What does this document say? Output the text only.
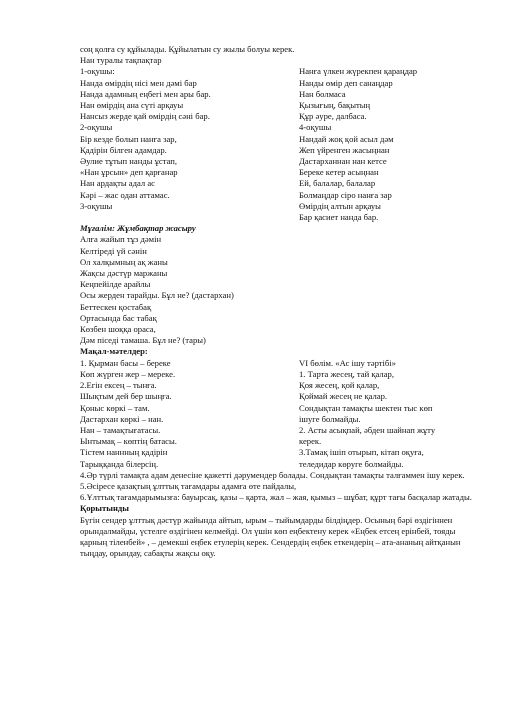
соң қолға су құйылады. Құйылатын су жылы болуы керек.
Нан туралы тақпақтар
1-оқушы:
Нанда өмірдің нісі мен дәмі бар
Нанда адамның еңбегі мен ары бар.
Нан өмірдің ана сүті арқауы
Нансыз жерде қай өмірдің сәні бар.
2-оқушы
Бір кезде болып нанға зар,
Қадірін білген адамдар.
Әулие тұтып нанды ұстап,
«Нан ұрсын» деп қарғанар
Нан ардақты адал ас
Кәрі – жас одан аттамас.
3-оқушы
Нанға үлкен жүрекпен қараңдар
Нанды өмір деп санаңдар
Нан болмаса
Қызығың, бақытың
Құр әуре, далбаса.
4-оқушы
Нандай жоқ қой асыл дәм
Жеп үйренген жасыңнан
Дастарханнан нан кетсе
Береке кетер асыңнан
Ей, балалар, балалар
Болмаңдар сіро нанға зар
Өмірдің алтын арқауы
Бар қасиет нанда бар.
Мұғалім: Жұмбақтар жасыру
Алға жайып тұз дәмін
Келтіреді үй сәнін
Ол халқымның ақ жаны
Жақсы дәстүр маржаны
Кеңпейілде арайлы
Осы жерден тарайды. Бұл не? (дастархан)
Беттескен қостабақ
Ортасында бас табақ
Көзбен шоққа ораса,
Дәм піседі тамаша. Бұл не? (тары)
Мақал-мәтелдер:
1. Қырман басы – береке
Көп жүрген жер – мереке.
2.Егін ексең – тынға.
Шықтым дей бер шыңға.
Қоныс көркі – там.
Дастархан көркі – нан.
Нан – тамақтығатасы.
Ынтымақ – көптің батасы.
Тістем наннның қадірін
Тарыққанда білерсің.
VI бөлім. «Ас ішу тәртібі»
1. Тарта жесең, тай қалар,
Қоя жесең, қой қалар,
Қоймай жесең не қалар.
Сондықтан тамақты шектен тыс көп
ішуге болмайды.
2. Асты асықпай, әбден шайнап жұту
керек.
3.Тамақ ішіп отырып, кітап оқуға,
теледидар көруге болмайды.
4.Әр түрлі тамақта адам денесіне қажетті дәрумендер болады. Сондықтан тамақты талғаммен ішу керек.
5.Әсіресе қазақтың ұлттық тағамдары адамға өте пайдалы,
6.Ұлттық тағамдарымызға: бауырсақ, қазы – қарта, жал – жая, қымыз – шұбат, құрт тағы басқалар жатады.
Қорытынды
Бүгін сендер ұлттық дәстүр жайында айтып, ырым – тыйымдарды білдіңдер. Осының бәрі өздігіннен орындалмайды, үстелге өздігінен келмейді. Ол үшін көп еңбектену керек «Еңбек етсең ерінбей, тояды қарның тіленбей» , – демекші еңбек етулерің керек. Сендердің еңбек еткендерің – ата-ананың айтқанын тыңдау, орындау, сабақты жақсы оқу.
